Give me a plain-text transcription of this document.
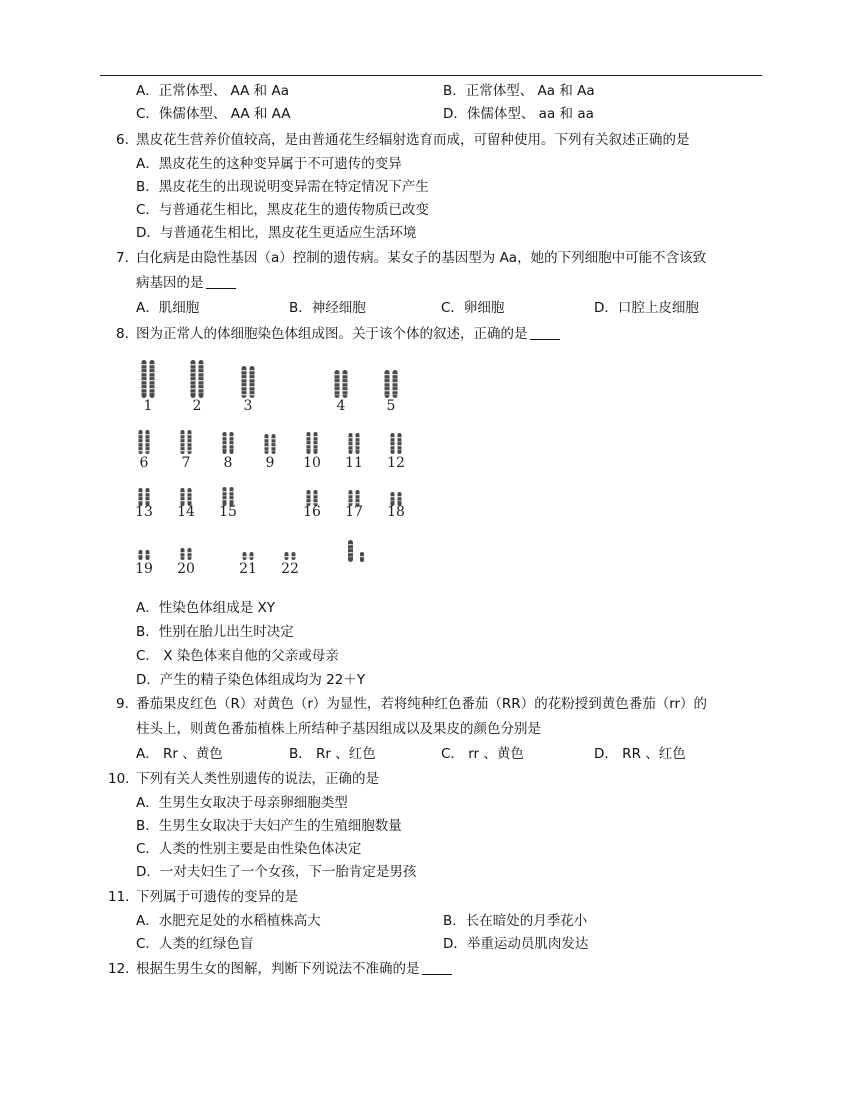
A．正常体型、 AA 和 Aa	B．正常体型、 Aa 和 Aa
C．侏儒体型、 AA 和 AA	D．侏儒体型、 aa 和 aa
6. 黑皮花生营养价值较高，是由普通花生经辐射选育而成，可留种使用。下列有关叙述正确的是
A．黑皮花生的这种变异属于不可遗传的变异
B．黑皮花生的出现说明变异需在特定情况下产生
C．与普通花生相比，黑皮花生的遗传物质已改变
D．与普通花生相比，黑皮花生更适应生活环境
7. 白化病是由隐性基因（a）控制的遗传病。某女子的基因型为 Aa，她的下列细胞中可能不含该致
病基因的是
A．肌细胞	B．神经细胞	C．卵细胞	D．口腔上皮细胞
8. 图为正常人的体细胞染色体组成图。关于该个体的叙述，正确的是
1	2	3	4	5
6 7 8 9 10 11 12
13 14 15	16 17 18
19 20	21 22
A．性染色体组成是 XY
B．性别在胎儿出生时决定
C． X 染色体来自他的父亲或母亲
D．产生的精子染色体组成均为 22＋Y
9. 番茄果皮红色（R）对黄色（r）为显性，若将纯种红色番茄（RR）的花粉授到黄色番茄（rr）的
柱头上，则黄色番茄植株上所结种子基因组成以及果皮的颜色分别是
A． Rr 、黄色	B． Rr 、红色	C． rr 、黄色	D． RR 、红色
10. 下列有关人类性别遗传的说法，正确的是
A．生男生女取决于母亲卵细胞类型
B．生男生女取决于夫妇产生的生殖细胞数量
C．人类的性别主要是由性染色体决定
D．一对夫妇生了一个女孩，下一胎肯定是男孩
11. 下列属于可遗传的变异的是
A．水肥充足处的水稻植株高大	B．长在暗处的月季花小
C．人类的红绿色盲	D．举重运动员肌肉发达
12. 根据生男生女的图解，判断下列说法不准确的是
